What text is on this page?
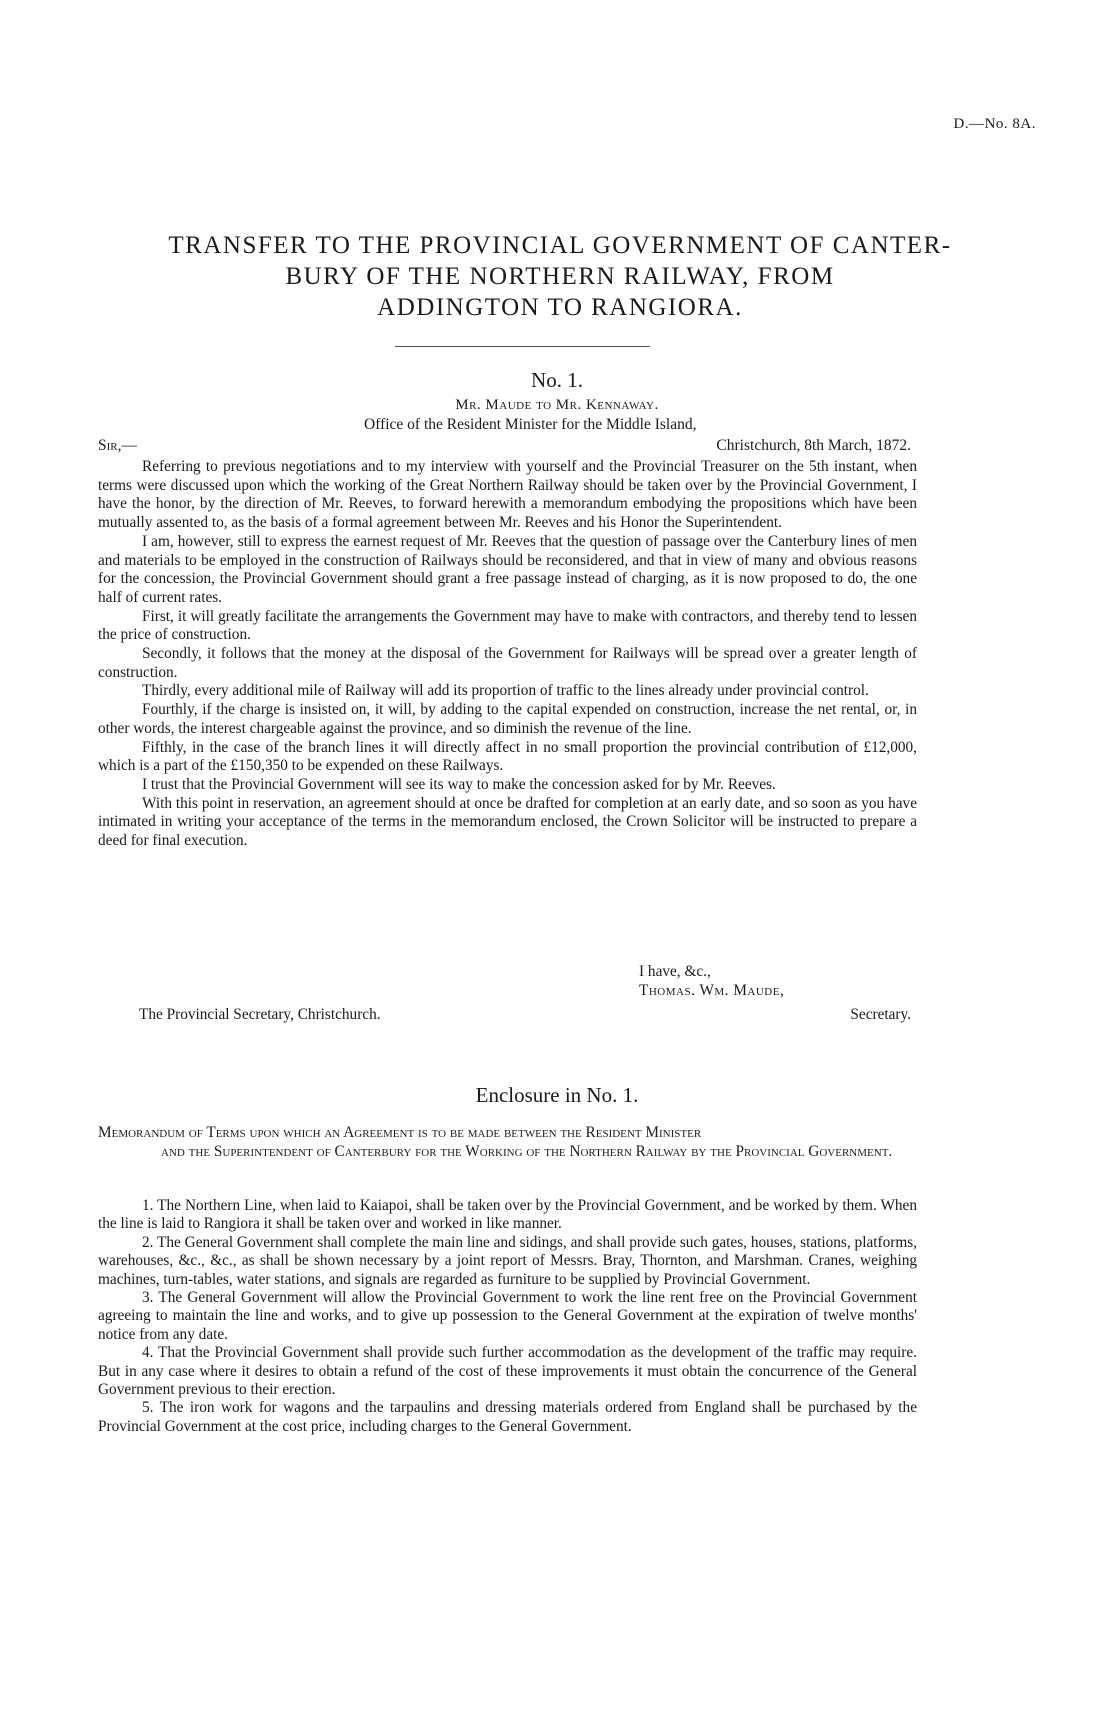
D.—No. 8A.
TRANSFER TO THE PROVINCIAL GOVERNMENT OF CANTER-
BURY OF THE NORTHERN RAILWAY, FROM
ADDINGTON TO RANGIORA.
No. 1.
Mr. Maude to Mr. Kennaway.
Office of the Resident Minister for the Middle Island,
Sir,—	Christchurch, 8th March, 1872.

Referring to previous negotiations and to my interview with yourself and the Provincial Treasurer on the 5th instant, when terms were discussed upon which the working of the Great Northern Railway should be taken over by the Provincial Government, I have the honor, by the direction of Mr. Reeves, to forward herewith a memorandum embodying the propositions which have been mutually assented to, as the basis of a formal agreement between Mr. Reeves and his Honor the Superintendent.

I am, however, still to express the earnest request of Mr. Reeves that the question of passage over the Canterbury lines of men and materials to be employed in the construction of Railways should be reconsidered, and that in view of many and obvious reasons for the concession, the Provincial Government should grant a free passage instead of charging, as it is now proposed to do, the one half of current rates.

First, it will greatly facilitate the arrangements the Government may have to make with contractors, and thereby tend to lessen the price of construction.

Secondly, it follows that the money at the disposal of the Government for Railways will be spread over a greater length of construction.

Thirdly, every additional mile of Railway will add its proportion of traffic to the lines already under provincial control.

Fourthly, if the charge is insisted on, it will, by adding to the capital expended on construction, increase the net rental, or, in other words, the interest chargeable against the province, and so diminish the revenue of the line.

Fifthly, in the case of the branch lines it will directly affect in no small proportion the provincial contribution of £12,000, which is a part of the £150,350 to be expended on these Railways.

I trust that the Provincial Government will see its way to make the concession asked for by Mr. Reeves.

With this point in reservation, an agreement should at once be drafted for completion at an early date, and so soon as you have intimated in writing your acceptance of the terms in the memorandum enclosed, the Crown Solicitor will be instructed to prepare a deed for final execution.

I have, &c.,
Thomas. Wm. Maude,
The Provincial Secretary, Christchurch.	Secretary.
Enclosure in No. 1.
Memorandum of Terms upon which an Agreement is to be made between the Resident Minister
and the Superintendent of Canterbury for the Working of the Northern Railway by the Provincial Government.

1. The Northern Line, when laid to Kaiapoi, shall be taken over by the Provincial Government, and be worked by them. When the line is laid to Rangiora it shall be taken over and worked in like manner.

2. The General Government shall complete the main line and sidings, and shall provide such gates, houses, stations, platforms, warehouses, &c., &c., as shall be shown necessary by a joint report of Messrs. Bray, Thornton, and Marshman. Cranes, weighing machines, turn-tables, water stations, and signals are regarded as furniture to be supplied by Provincial Government.

3. The General Government will allow the Provincial Government to work the line rent free on the Provincial Government agreeing to maintain the line and works, and to give up possession to the General Government at the expiration of twelve months' notice from any date.

4. That the Provincial Government shall provide such further accommodation as the development of the traffic may require. But in any case where it desires to obtain a refund of the cost of these improvements it must obtain the concurrence of the General Government previous to their erection.

5. The iron work for wagons and the tarpaulins and dressing materials ordered from England shall be purchased by the Provincial Government at the cost price, including charges to the General Government.
